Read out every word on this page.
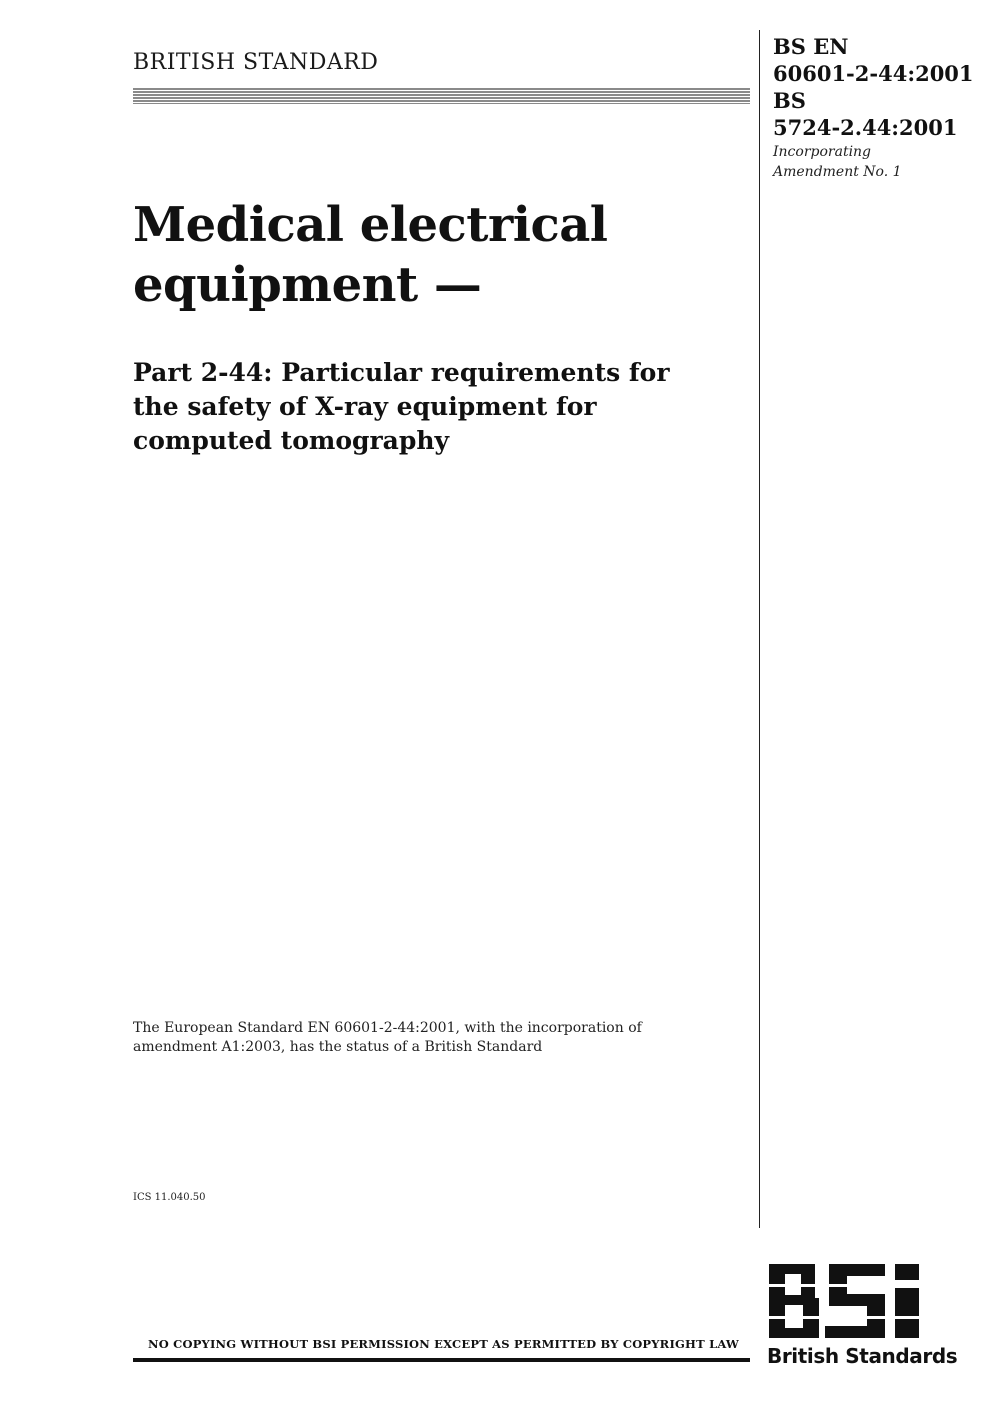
BRITISH STANDARD
BS EN
60601-2-44:2001
BS
5724-2.44:2001
Incorporating
Amendment No. 1
Medical electrical
equipment —
Part 2-44: Particular requirements for
the safety of X-ray equipment for
computed tomography
The European Standard EN 60601-2-44:2001, with the incorporation of
amendment A1:2003, has the status of a British Standard
ICS 11.040.50
NO COPYING WITHOUT BSI PERMISSION EXCEPT AS PERMITTED BY COPYRIGHT LAW	British Standards
